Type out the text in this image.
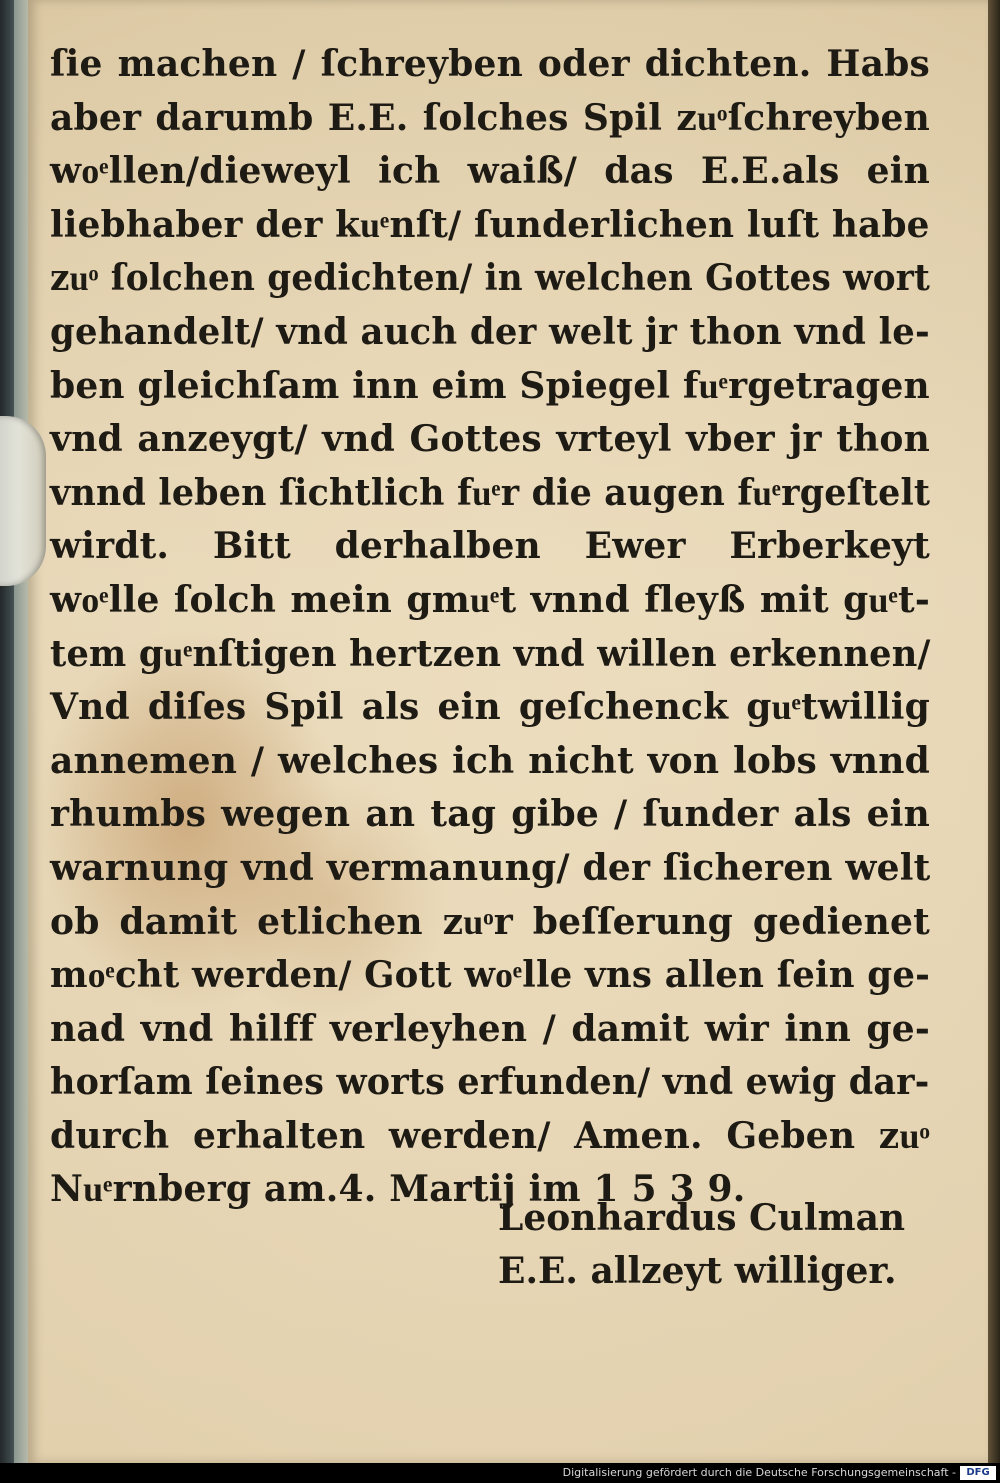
ſie machen / ſchreyben oder dichten. Habs
aber darumb E.E. ſolches Spil zuͦſchreyben
woͤllen/dieweyl ich waiß/ das E.E.als ein
liebhaber der kuͤnſt/ ſunderlichen luſt habe
zuͦ ſolchen gedichten/ in welchen Gottes wort
gehandelt/ vnd auch der welt jr thon vnd le-
ben gleichſam inn eim Spiegel fuͤrgetragen
vnd anzeygt/ vnd Gottes vrteyl vber jr thon
vnnd leben ſichtlich fuͤr die augen fuͤrgeſtelt
wirdt. Bitt derhalben Ewer Erberkeyt
woͤlle ſolch mein gmuͤt vnnd fleyß mit guͤt-
tem guͤnſtigen hertzen vnd willen erkennen/
Vnd diſes Spil als ein geſchenck guͤtwillig
annemen / welches ich nicht von lobs vnnd
rhumbs wegen an tag gibe / ſunder als ein
warnung vnd vermanung/ der ſicheren welt
ob damit etlichen zuͦr beſſerung gedienet
moͤcht werden/ Gott woͤlle vns allen ſein ge-
nad vnd hilff verleyhen / damit wir inn ge-
horſam ſeines worts erfunden/ vnd ewig dar-
durch erhalten werden/ Amen. Geben zuͦ
Nuͤrnberg am.4. Martij im 1 5 3 9.
Leonhardus Culman
E.E. allzeyt williger.
Digitalisierung gefördert durch die Deutsche Forschungsgemeinschaft -	DFG
